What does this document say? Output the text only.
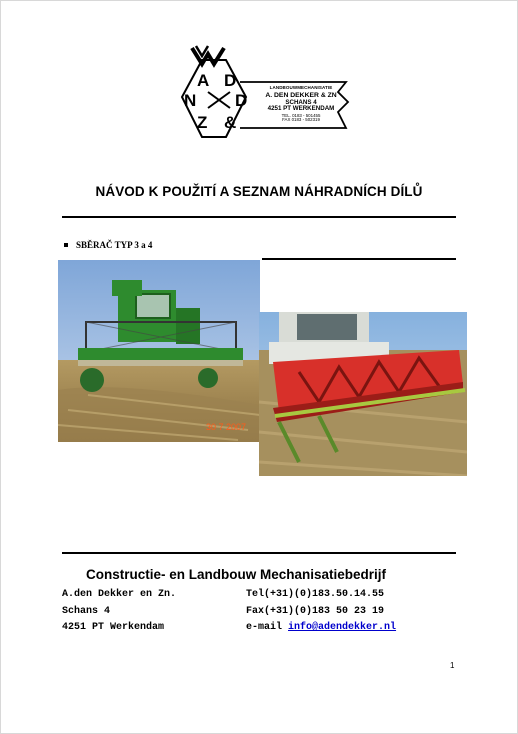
A D
N D
Z &
LANDBOUWMECHANISATIE
A. DEN DEKKER & ZN
SCHANS 4
4251 PT WERKENDAM
TEL. 0183 - 501455
FAX 0183 - 502319
NÁVOD K POUŽITÍ A SEZNAM NÁHRADNÍCH DÍLŮ
SBĚRAČ TYP 3 a 4
30 7 2007
Constructie- en Landbouw Mechanisatiebedrijf
A.den Dekker en Zn.
Schans 4
4251 PT Werkendam
Tel(+31)(0)183.50.14.55
Fax(+31)(0)183 50 23 19
e-mail info@adendekker.nl
1
